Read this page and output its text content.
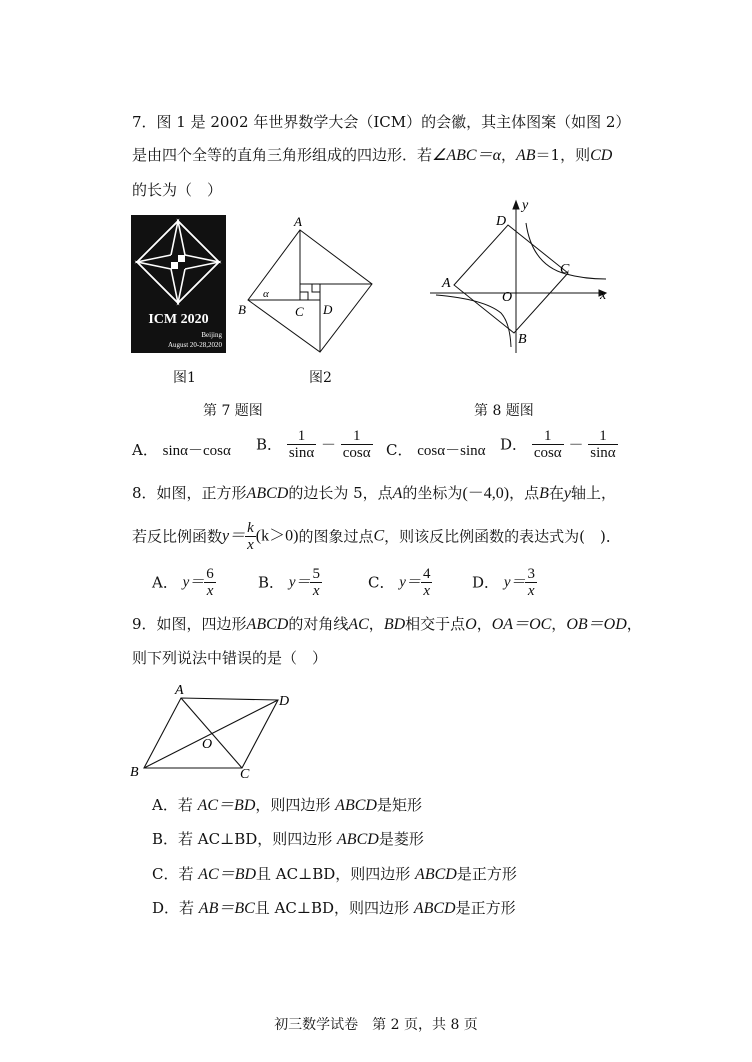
7．图 1 是 2002 年世界数学大会（ICM）的会徽，其主体图案（如图 2）
是由四个全等的直角三角形组成的四边形．若∠ABC＝α，AB＝1，则CD
的长为（　）
ICM 2020
Beijing
August 20-28,2020
图1
A
B	C D
α
图2
第 7 题图
D
y
A
C
O	x
B
第 8 题图
A． sinα－cosα B． $\frac{1}{\sin\alpha} - \frac{1}{\cos\alpha}$ C． cosα－sinα D． $\frac{1}{\cos\alpha} - \frac{1}{\sin\alpha}$
8．如图，正方形ABCD的边长为 5，点A的坐标为(－4,0)，点B在y轴上，
若反比例函数$y= \frac{k}{x} (k>0)$的图象过点C，则该反比例函数的表达式为(　)．
A． $y= \frac{6}{x}$	B． $y= \frac{5}{x}$	C． $y= \frac{4}{x}$	D． $y= \frac{3}{x}$
9．如图，四边形ABCD的对角线AC，BD相交于点O，OA＝OC，OB＝OD，
则下列说法中错误的是（　）
A
D
O
B	C
A．若 AC＝BD，则四边形 ABCD是矩形
B．若 AC⊥BD，则四边形 ABCD是菱形
C．若 AC＝BD且 AC⊥BD，则四边形 ABCD是正方形
D．若 AB＝BC且 AC⊥BD，则四边形 ABCD是正方形
初三数学试卷　第 2 页，共 8 页
